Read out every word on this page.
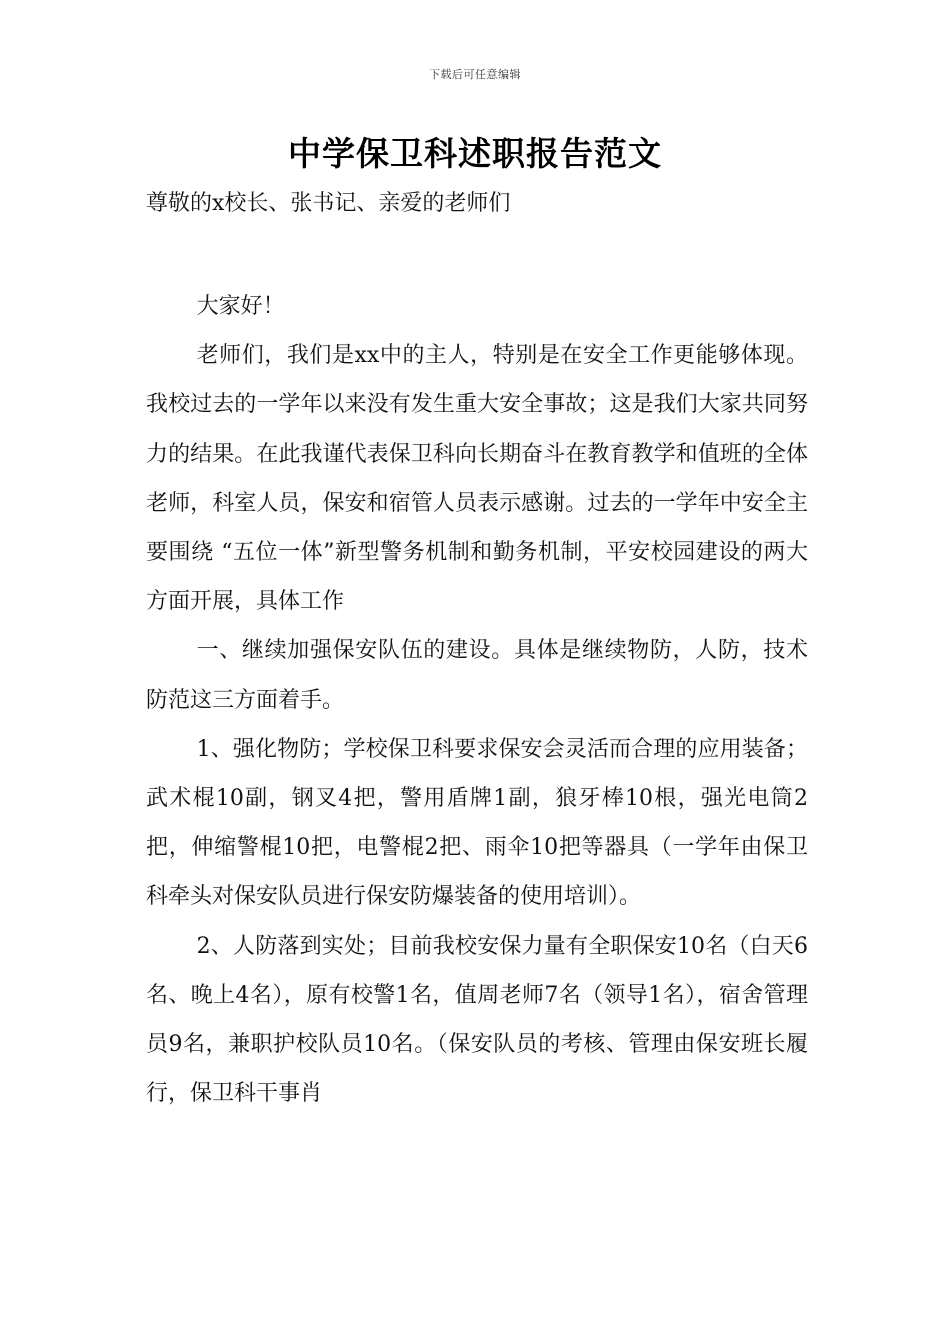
下载后可任意编辑
中学保卫科述职报告范文

尊敬的x校长、张书记、亲爱的老师们

大家好！

老师们，我们是xx中的主人，特别是在安全工作更能够体现。我校过去的一学年以来没有发生重大安全事故；这是我们大家共同努力的结果。在此我谨代表保卫科向长期奋斗在教育教学和值班的全体老师，科室人员，保安和宿管人员表示感谢。过去的一学年中安全主要围绕 “五位一体”新型警务机制和勤务机制，平安校园建设的两大方面开展，具体工作

一、继续加强保安队伍的建设。具体是继续物防，人防，技术防范这三方面着手。

1、强化物防；学校保卫科要求保安会灵活而合理的应用装备；武术棍10副，钢叉4把，警用盾牌1副，狼牙棒10根，强光电筒2把，伸缩警棍10把，电警棍2把、雨伞10把等器具（一学年由保卫科牵头对保安队员进行保安防爆装备的使用培训）。

2、人防落到实处；目前我校安保力量有全职保安10名（白天6名、晚上4名），原有校警1名，值周老师7名（领导1名），宿舍管理员9名，兼职护校队员10名。（保安队员的考核、管理由保安班长履行，保卫科干事肖
